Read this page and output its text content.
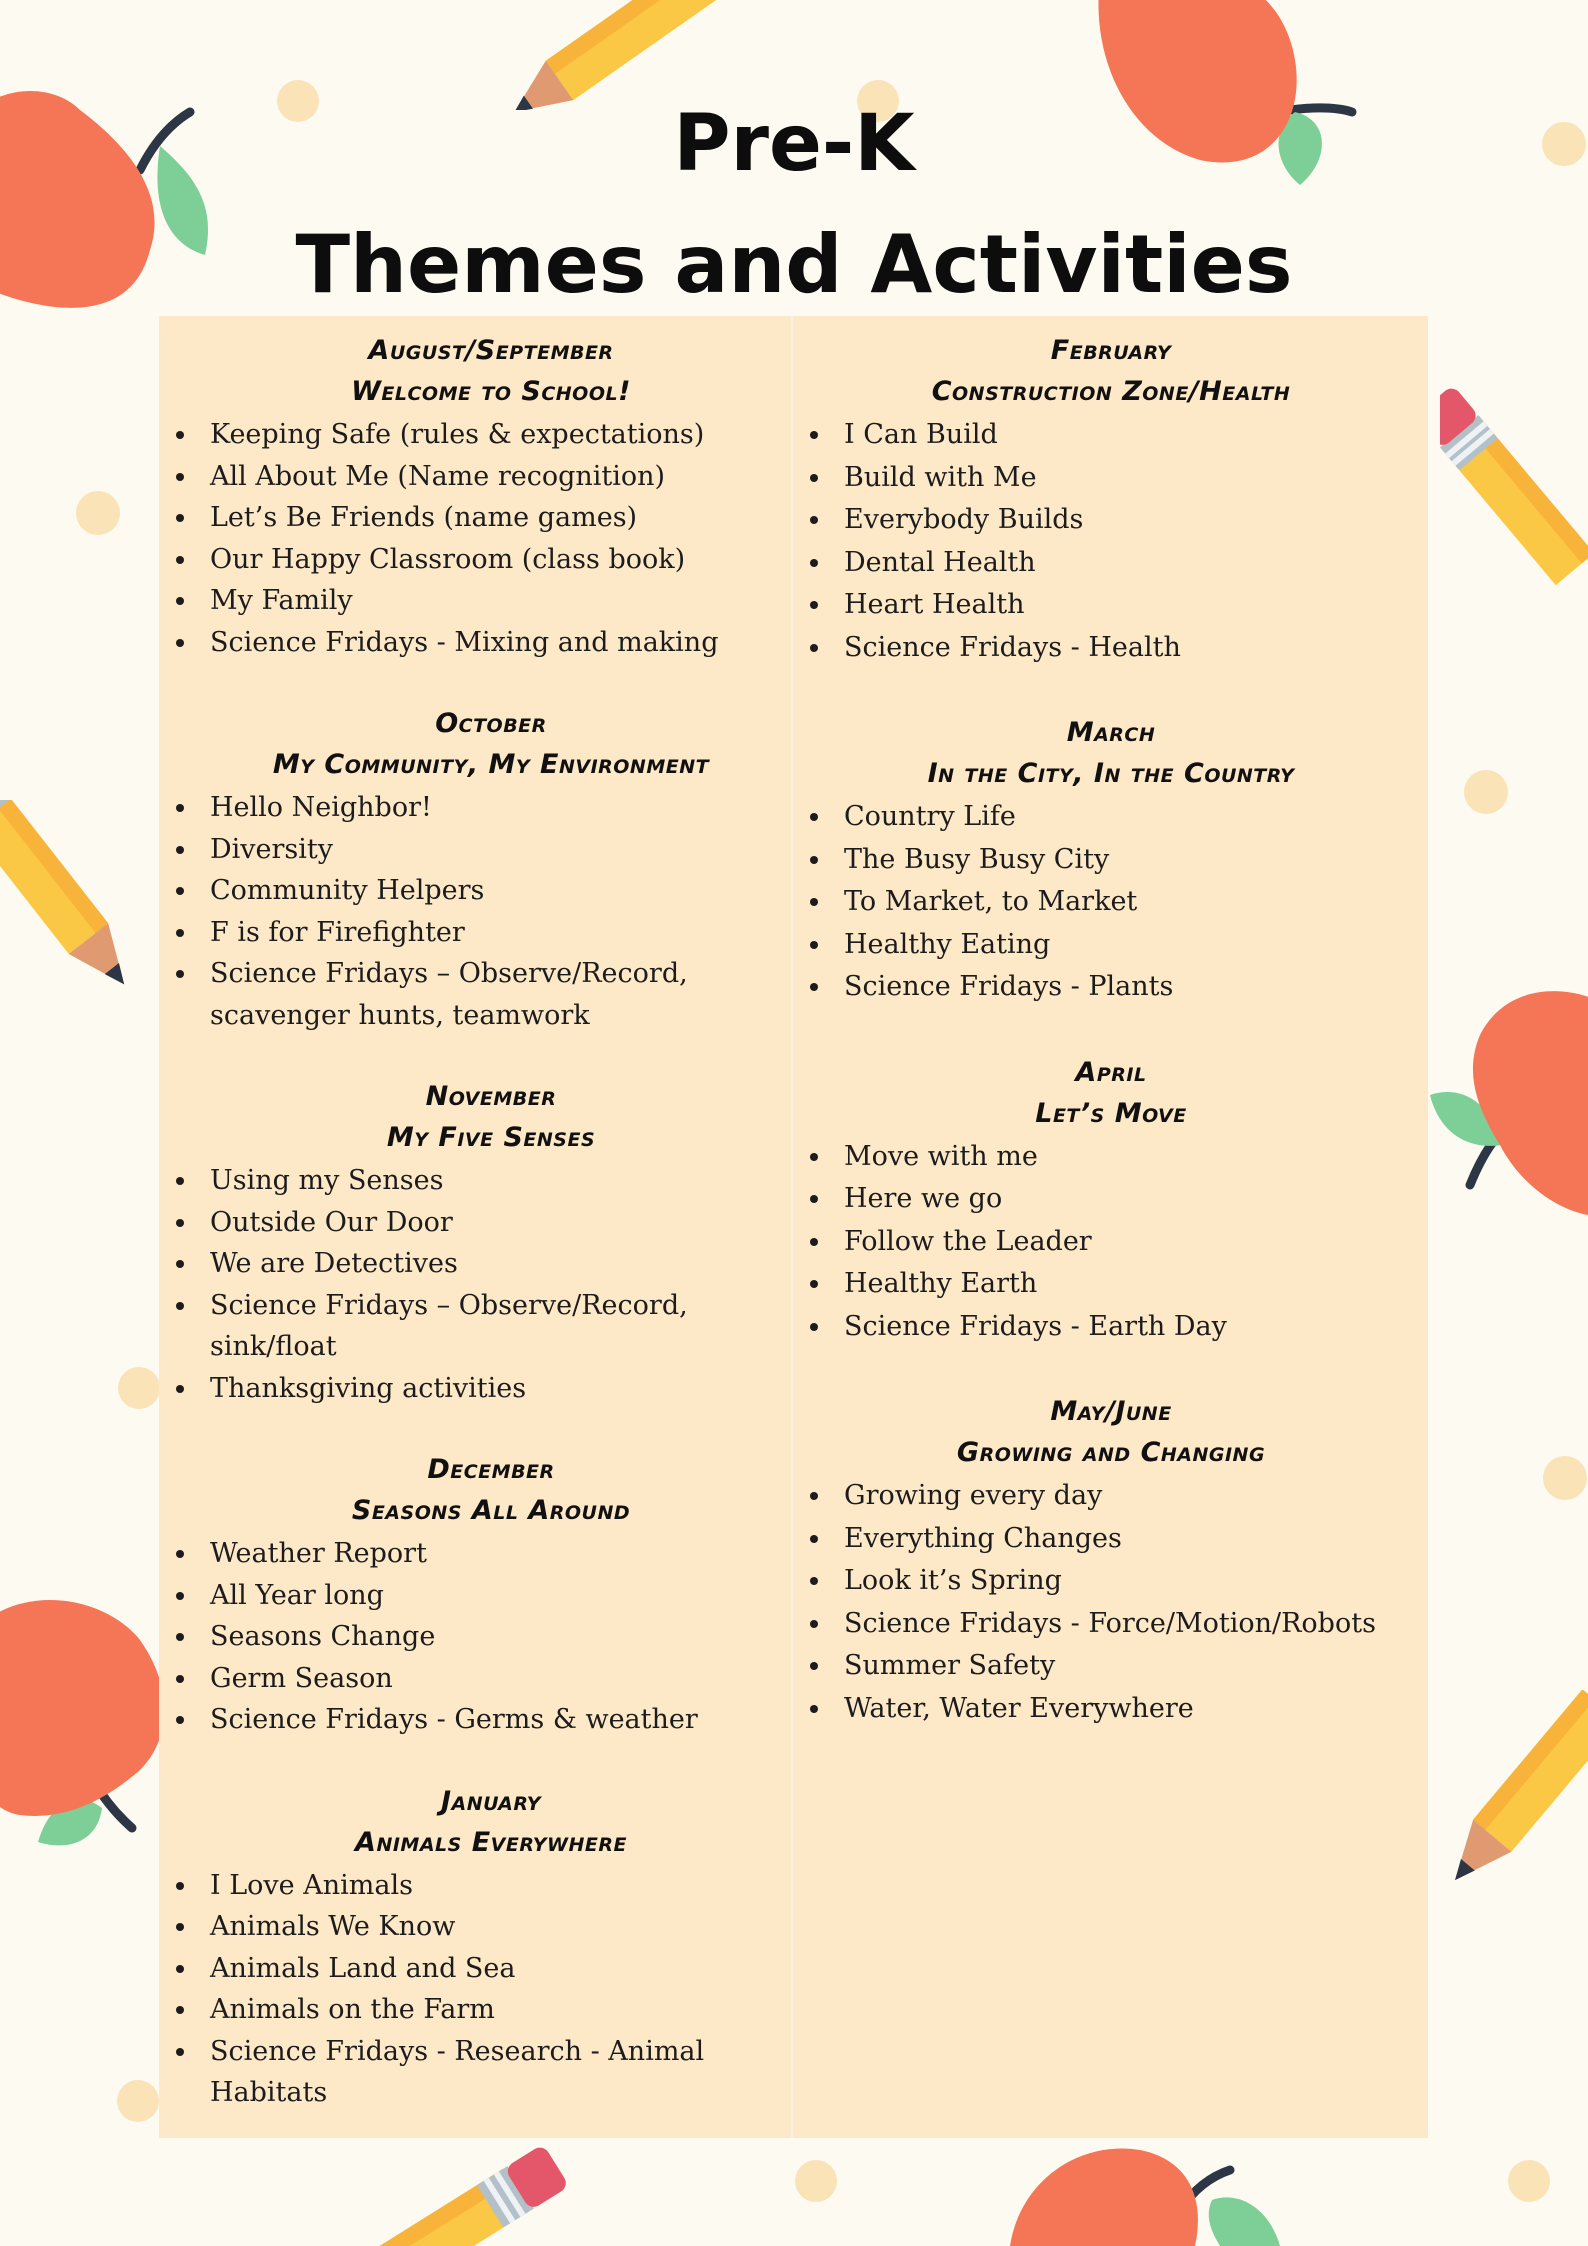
Pre-K
Themes and Activities
August/September
Welcome to School!
Keeping Safe (rules & expectations)
All About Me (Name recognition)
Let’s Be Friends (name games)
Our Happy Classroom (class book)
My Family
Science Fridays - Mixing and making
October
My Community, My Environment
Hello Neighbor!
Diversity
Community Helpers
F is for Firefighter
Science Fridays – Observe/Record, scavenger hunts, teamwork
November
My Five Senses
Using my Senses
Outside Our Door
We are Detectives
Science Fridays – Observe/Record, sink/float
Thanksgiving activities
December
Seasons All Around
Weather Report
All Year long
Seasons Change
Germ Season
Science Fridays - Germs & weather
January
Animals Everywhere
I Love Animals
Animals We Know
Animals Land and Sea
Animals on the Farm
Science Fridays - Research - Animal Habitats
February
Construction Zone/Health
I Can Build
Build with Me
Everybody Builds
Dental Health
Heart Health
Science Fridays - Health
March
In the City, In the Country
Country Life
The Busy Busy City
To Market, to Market
Healthy Eating
Science Fridays - Plants
April
Let’s Move
Move with me
Here we go
Follow the Leader
Healthy Earth
Science Fridays - Earth Day
May/June
Growing and Changing
Growing every day
Everything Changes
Look it’s Spring
Science Fridays - Force/Motion/Robots
Summer Safety
Water, Water Everywhere
